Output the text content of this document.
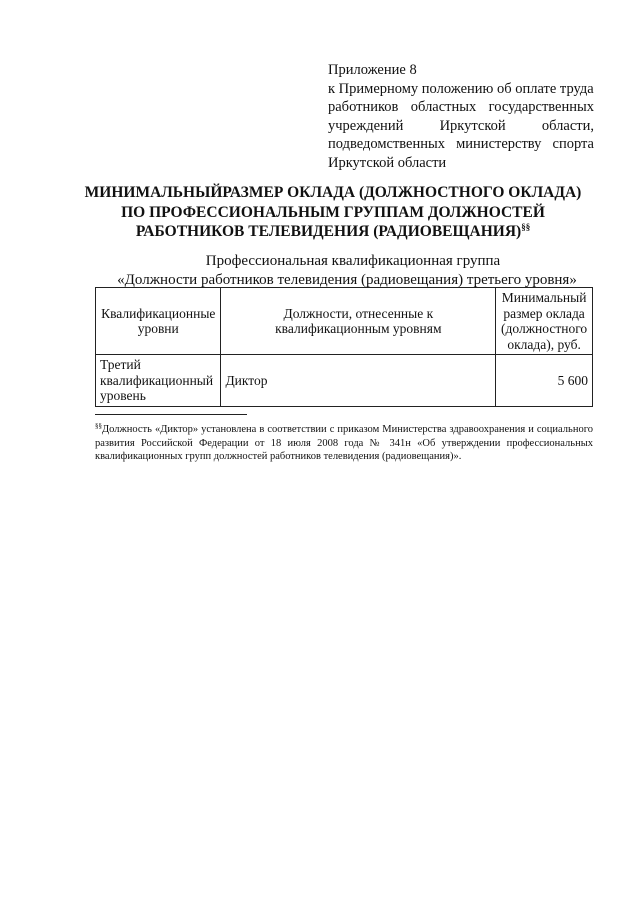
Приложение 8
к Примерному положению об оплате труда
работников областных государственных
учреждений Иркутской области,
подведомственных министерству спорта
Иркутской области
МИНИМАЛЬНЫЙРАЗМЕР ОКЛАДА (ДОЛЖНОСТНОГО ОКЛАДА)
ПО ПРОФЕССИОНАЛЬНЫМ ГРУППАМ ДОЛЖНОСТЕЙ
РАБОТНИКОВ ТЕЛЕВИДЕНИЯ (РАДИОВЕЩАНИЯ)§§
Профессиональная квалификационная группа
«Должности работников телевидения (радиовещания) третьего уровня»
Квалификационные уровни	Должности, отнесенные к квалификационным уровням	Минимальный размер оклада (должностного оклада), руб.
Третий квалификационный уровень	Диктор	5 600
§§Должность «Диктор» установлена в соответствии с приказом Министерства здравоохранения и социального
развития Российской Федерации от 18 июля 2008 года № 341н «Об утверждении профессиональных
квалификационных групп должностей работников телевидения (радиовещания)».
